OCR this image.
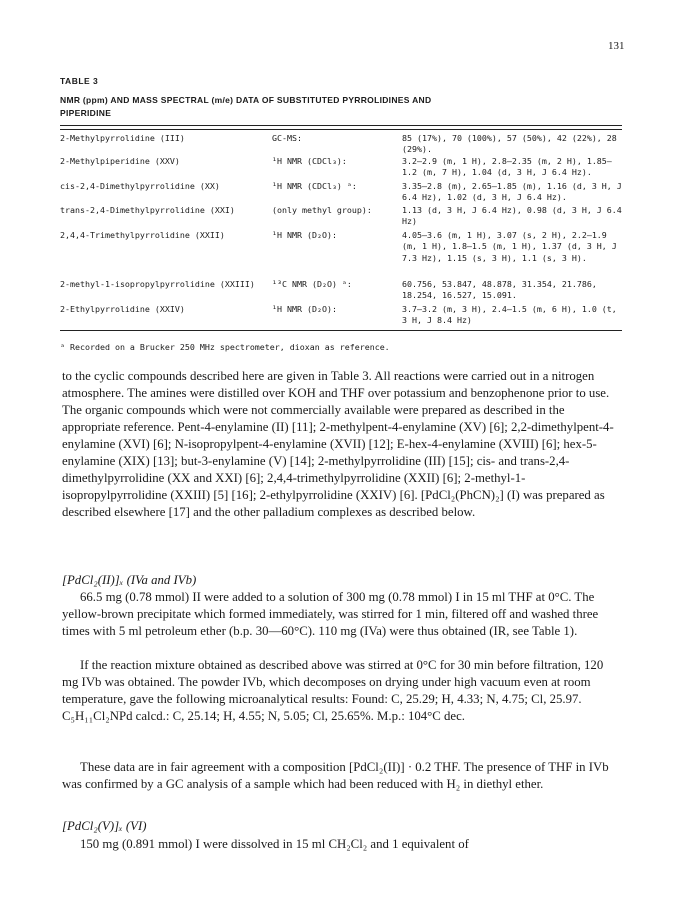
131
TABLE 3
NMR (ppm) AND MASS SPECTRAL (m/e) DATA OF SUBSTITUTED PYRROLIDINES AND
PIPERIDINE
2-Methylpyrrolidine (III)	GC-MS:	85 (17%), 70 (100%), 57 (50%), 42 (22%), 28 (29%).
2-Methylpiperidine (XXV)	¹H NMR (CDCl₃):	3.2—2.9 (m, 1 H), 2.8—2.35 (m, 2 H), 1.85—1.2 (m, 7 H), 1.04 (d, 3 H, J 6.4 Hz).
cis-2,4-Dimethylpyrrolidine (XX)	¹H NMR (CDCl₃) ᵃ:	3.35—2.8 (m), 2.65—1.85 (m), 1.16 (d, 3 H, J 6.4 Hz), 1.02 (d, 3 H, J 6.4 Hz).
trans-2,4-Dimethylpyrrolidine (XXI)	(only methyl group):	1.13 (d, 3 H, J 6.4 Hz), 0.98 (d, 3 H, J 6.4 Hz)
2,4,4-Trimethylpyrrolidine (XXII)	¹H NMR (D₂O):	4.05—3.6 (m, 1 H), 3.07 (s, 2 H), 2.2—1.9 (m, 1 H), 1.8—1.5 (m, 1 H), 1.37 (d, 3 H, J 7.3 Hz), 1.15 (s, 3 H), 1.1 (s, 3 H).
2-methyl-1-isopropylpyrrolidine (XXIII)	¹³C NMR (D₂O) ᵃ:	60.756, 53.847, 48.878, 31.354, 21.786, 18.254, 16.527, 15.091.
2-Ethylpyrrolidine (XXIV)	¹H NMR (D₂O):	3.7—3.2 (m, 3 H), 2.4—1.5 (m, 6 H), 1.0 (t, 3 H, J 8.4 Hz)
ᵃ Recorded on a Brucker 250 MHz spectrometer, dioxan as reference.
to the cyclic compounds described here are given in Table 3. All reactions were carried out in a nitrogen atmosphere. The amines were distilled over KOH and THF over potassium and benzophenone prior to use. The organic compounds which were not commercially available were prepared as described in the appropriate reference. Pent-4-enylamine (II) [11]; 2-methylpent-4-enylamine (XV) [6]; 2,2-dimethylpent-4-enylamine (XVI) [6]; N-isopropylpent-4-enylamine (XVII) [12]; E-hex-4-enylamine (XVIII) [6]; hex-5-enylamine (XIX) [13]; but-3-enylamine (V) [14]; 2-methylpyrrolidine (III) [15]; cis- and trans-2,4-dimethylpyrrolidine (XX and XXI) [6]; 2,4,4-trimethylpyrrolidine (XXII) [6]; 2-methyl-1-isopropylpyrrolidine (XXIII) [5] [16]; 2-ethylpyrrolidine (XXIV) [6]. [PdCl₂(PhCN)₂] (I) was prepared as described elsewhere [17] and the other palladium complexes as described below.
[PdCl₂(II)]ₓ (IVa and IVb)
66.5 mg (0.78 mmol) II were added to a solution of 300 mg (0.78 mmol) I in 15 ml THF at 0°C. The yellow-brown precipitate which formed immediately, was stirred for 1 min, filtered off and washed three times with 5 ml petroleum ether (b.p. 30—60°C). 110 mg (IVa) were thus obtained (IR, see Table 1).
If the reaction mixture obtained as described above was stirred at 0°C for 30 min before filtration, 120 mg IVb was obtained. The powder IVb, which decomposes on drying under high vacuum even at room temperature, gave the following microanalytical results: Found: C, 25.29; H, 4.33; N, 4.75; Cl, 25.97. C₅H₁₁Cl₂NPd calcd.: C, 25.14; H, 4.55; N, 5.05; Cl, 25.65%. M.p.: 104°C dec.
These data are in fair agreement with a composition [PdCl₂(II)] · 0.2 THF. The presence of THF in IVb was confirmed by a GC analysis of a sample which had been reduced with H₂ in diethyl ether.
[PdCl₂(V)]ₓ (VI)
150 mg (0.891 mmol) I were dissolved in 15 ml CH₂Cl₂ and 1 equivalent of
